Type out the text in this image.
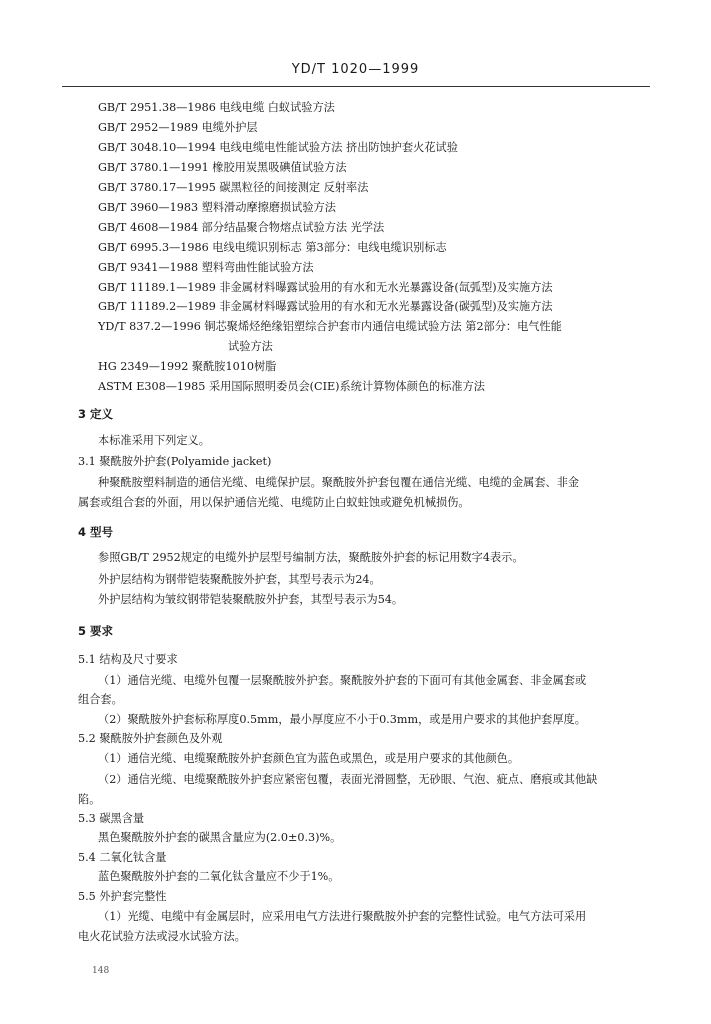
YD/T 1020—1999
GB/T 2951.38—1986 电线电缆 白蚁试验方法
GB/T 2952—1989 电缆外护层
GB/T 3048.10—1994 电线电缆电性能试验方法 挤出防蚀护套火花试验
GB/T 3780.1—1991 橡胶用炭黑吸碘值试验方法
GB/T 3780.17—1995 碳黑粒径的间接测定 反射率法
GB/T 3960—1983 塑料滑动摩擦磨损试验方法
GB/T 4608—1984 部分结晶聚合物熔点试验方法 光学法
GB/T 6995.3—1986 电线电缆识别标志 第3部分：电线电缆识别标志
GB/T 9341—1988 塑料弯曲性能试验方法
GB/T 11189.1—1989 非金属材料曝露试验用的有水和无水光暴露设备(氙弧型)及实施方法
GB/T 11189.2—1989 非金属材料曝露试验用的有水和无水光暴露设备(碳弧型)及实施方法
YD/T 837.2—1996 铜芯聚烯烃绝缘铝塑综合护套市内通信电缆试验方法 第2部分：电气性能
试验方法
HG 2349—1992 聚酰胺1010树脂
ASTM E308—1985 采用国际照明委员会(CIE)系统计算物体颜色的标准方法
3 定义
本标准采用下列定义。
3.1 聚酰胺外护套(Polyamide jacket)
种聚酰胺塑料制造的通信光缆、电缆保护层。聚酰胺外护套包覆在通信光缆、电缆的金属套、非金
属套或组合套的外面，用以保护通信光缆、电缆防止白蚁蛀蚀或避免机械损伤。
4 型号
参照GB/T 2952规定的电缆外护层型号编制方法，聚酰胺外护套的标记用数字4表示。
外护层结构为钢带铠装聚酰胺外护套，其型号表示为24。
外护层结构为皱纹钢带铠装聚酰胺外护套，其型号表示为54。
5 要求
5.1 结构及尺寸要求
（1）通信光缆、电缆外包覆一层聚酰胺外护套。聚酰胺外护套的下面可有其他金属套、非金属套或
组合套。
（2）聚酰胺外护套标称厚度0.5mm，最小厚度应不小于0.3mm，或是用户要求的其他护套厚度。
5.2 聚酰胺外护套颜色及外观
（1）通信光缆、电缆聚酰胺外护套颜色宜为蓝色或黑色，或是用户要求的其他颜色。
（2）通信光缆、电缆聚酰胺外护套应紧密包覆，表面光滑圆整，无砂眼、气泡、疵点、磨痕或其他缺
陷。
5.3 碳黑含量
黑色聚酰胺外护套的碳黑含量应为(2.0±0.3)%。
5.4 二氧化钛含量
蓝色聚酰胺外护套的二氧化钛含量应不少于1%。
5.5 外护套完整性
（1）光缆、电缆中有金属层时，应采用电气方法进行聚酰胺外护套的完整性试验。电气方法可采用
电火花试验方法或浸水试验方法。
148
